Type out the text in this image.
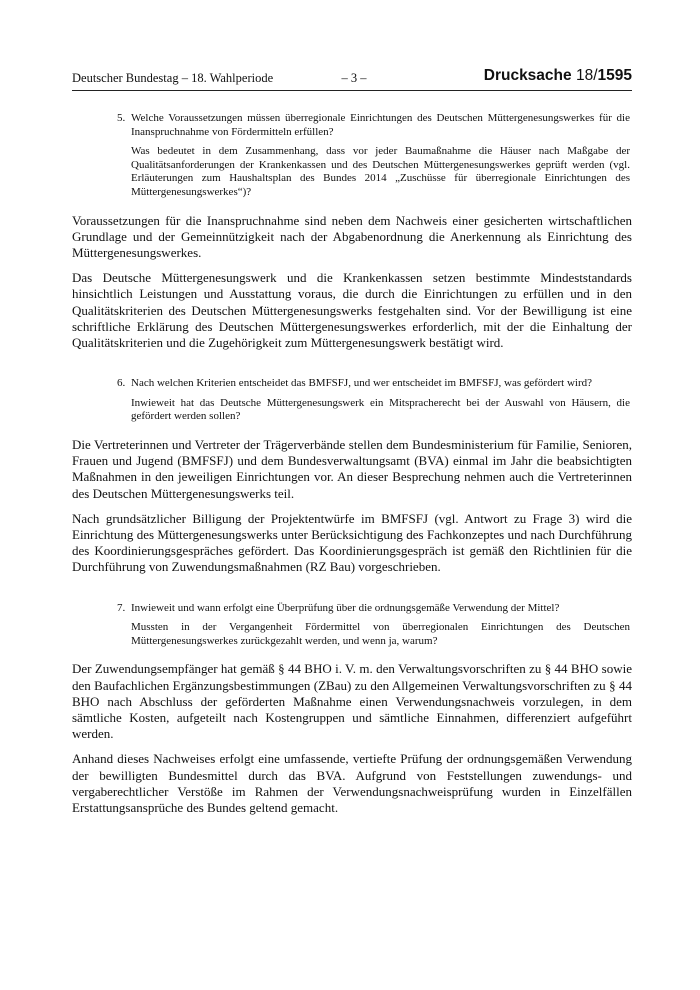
Deutscher Bundestag – 18. Wahlperiode	– 3 –	Drucksache 18/1595
5. Welche Voraussetzungen müssen überregionale Einrichtungen des Deutschen Müttergenesungswerkes für die Inanspruchnahme von Fördermitteln erfüllen?
Was bedeutet in dem Zusammenhang, dass vor jeder Baumaßnahme die Häuser nach Maßgabe der Qualitätsanforderungen der Krankenkassen und des Deutschen Müttergenesungswerkes geprüft werden (vgl. Erläuterungen zum Haushaltsplan des Bundes 2014 „Zuschüsse für überregionale Einrichtungen des Müttergenesungswerkes“)?

Voraussetzungen für die Inanspruchnahme sind neben dem Nachweis einer gesicherten wirtschaftlichen Grundlage und der Gemeinnützigkeit nach der Abgabenordnung die Anerkennung als Einrichtung des Müttergenesungswerkes.

Das Deutsche Müttergenesungswerk und die Krankenkassen setzen bestimmte Mindeststandards hinsichtlich Leistungen und Ausstattung voraus, die durch die Einrichtungen zu erfüllen und in den Qualitätskriterien des Deutschen Müttergenesungswerks festgehalten sind. Vor der Bewilligung ist eine schriftliche Erklärung des Deutschen Müttergenesungswerkes erforderlich, mit der die Einhaltung der Qualitätskriterien und die Zugehörigkeit zum Müttergenesungswerk bestätigt wird.

6. Nach welchen Kriterien entscheidet das BMFSFJ, und wer entscheidet im BMFSFJ, was gefördert wird?
Inwieweit hat das Deutsche Müttergenesungswerk ein Mitspracherecht bei der Auswahl von Häusern, die gefördert werden sollen?

Die Vertreterinnen und Vertreter der Trägerverbände stellen dem Bundesministerium für Familie, Senioren, Frauen und Jugend (BMFSFJ) und dem Bundesverwaltungsamt (BVA) einmal im Jahr die beabsichtigten Maßnahmen in den jeweiligen Einrichtungen vor. An dieser Besprechung nehmen auch die Vertreterinnen des Deutschen Müttergenesungswerks teil.

Nach grundsätzlicher Billigung der Projektentwürfe im BMFSFJ (vgl. Antwort zu Frage 3) wird die Einrichtung des Müttergenesungswerks unter Berücksichtigung des Fachkonzeptes und nach Durchführung des Koordinierungsgespräches gefördert. Das Koordinierungsgespräch ist gemäß den Richtlinien für die Durchführung von Zuwendungsmaßnahmen (RZ Bau) vorgeschrieben.

7. Inwieweit und wann erfolgt eine Überprüfung über die ordnungsgemäße Verwendung der Mittel?
Mussten in der Vergangenheit Fördermittel von überregionalen Einrichtungen des Deutschen Müttergenesungswerkes zurückgezahlt werden, und wenn ja, warum?

Der Zuwendungsempfänger hat gemäß § 44 BHO i. V. m. den Verwaltungsvorschriften zu § 44 BHO sowie den Baufachlichen Ergänzungsbestimmungen (ZBau) zu den Allgemeinen Verwaltungsvorschriften zu § 44 BHO nach Abschluss der geförderten Maßnahme einen Verwendungsnachweis vorzulegen, in dem sämtliche Kosten, aufgeteilt nach Kostengruppen und sämtliche Einnahmen, differenziert aufgeführt werden.

Anhand dieses Nachweises erfolgt eine umfassende, vertiefte Prüfung der ordnungsgemäßen Verwendung der bewilligten Bundesmittel durch das BVA. Aufgrund von Feststellungen zuwendungs- und vergaberechtlicher Verstöße im Rahmen der Verwendungsnachweisprüfung wurden in Einzelfällen Erstattungsansprüche des Bundes geltend gemacht.
